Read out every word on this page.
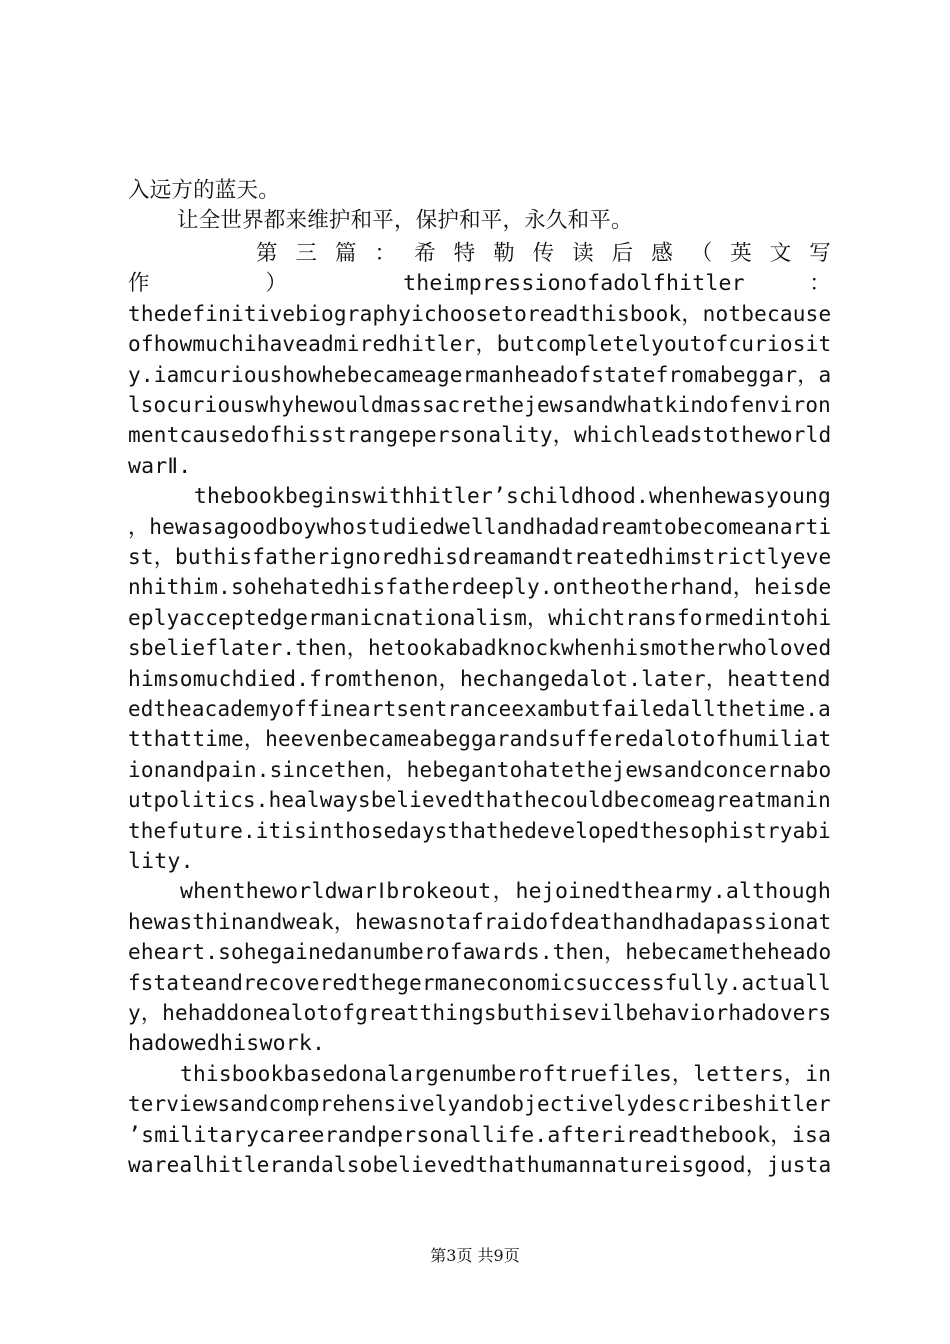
入远方的蓝天。
让全世界都来维护和平，保护和平，永久和平。
第 三 篇 ： 希 特 勒 传 读 后 感 （ 英 文 写
作 ） theimpressionofadolfhitler ：
thedefinitivebiographyichoosetoreadthisbook，notbecause
ofhowmuchihaveadmiredhitler，butcompletelyoutofcuriosit
y.iamcurioushowhebecameagermanheadofstatefromabeggar，a
lsocuriouswhyhewouldmassacrethejewsandwhatkindofenviron
mentcausedofhisstrangepersonality，whichleadstotheworld
warⅡ.
thebookbeginswithhitler’schildhood.whenhewasyoung
，hewasagoodboywhostudiedwellandhadadreamtobecomeanarti
st，buthisfatherignoredhisdreamandtreatedhimstrictlyeve
nhithim.sohehatedhisfatherdeeply.ontheotherhand，heisde
eplyacceptedgermanicnationalism，whichtransformedintohi
sbelieflater.then，hetookabadknockwhenhismotherwholoved
himsomuchdied.fromthenon，hechangedalot.later，heattend
edtheacademyoffineartsentranceexambutfailedallthetime.a
tthattime，heevenbecameabeggarandsufferedalotofhumiliat
ionandpain.sincethen，hebegantohatethejewsandconcernabo
utpolitics.healwaysbelievedthathecouldbecomeagreatmanin
thefuture.itisinthosedaysthathedevelopedthesophistryabi
lity.
whentheworldwarⅠbrokeout，hejoinedthearmy.although
hewasthinandweak，hewasnotafraidofdeathandhadapassionat
eheart.sohegainedanumberofawards.then，hebecametheheado
fstateandrecoveredthegermaneconomicsuccessfully.actuall
y，hehaddonealotofgreatthingsbuthisevilbehaviorhadovers
hadowedhiswork.
thisbookbasedonalargenumberoftruefiles，letters，in
terviewsandcomprehensivelyandobjectivelydescribeshitler
’smilitarycareerandpersonallife.afterireadthebook，isa
warealhitlerandalsobelievedthathumannatureisgood，justa
第3页 共9页
